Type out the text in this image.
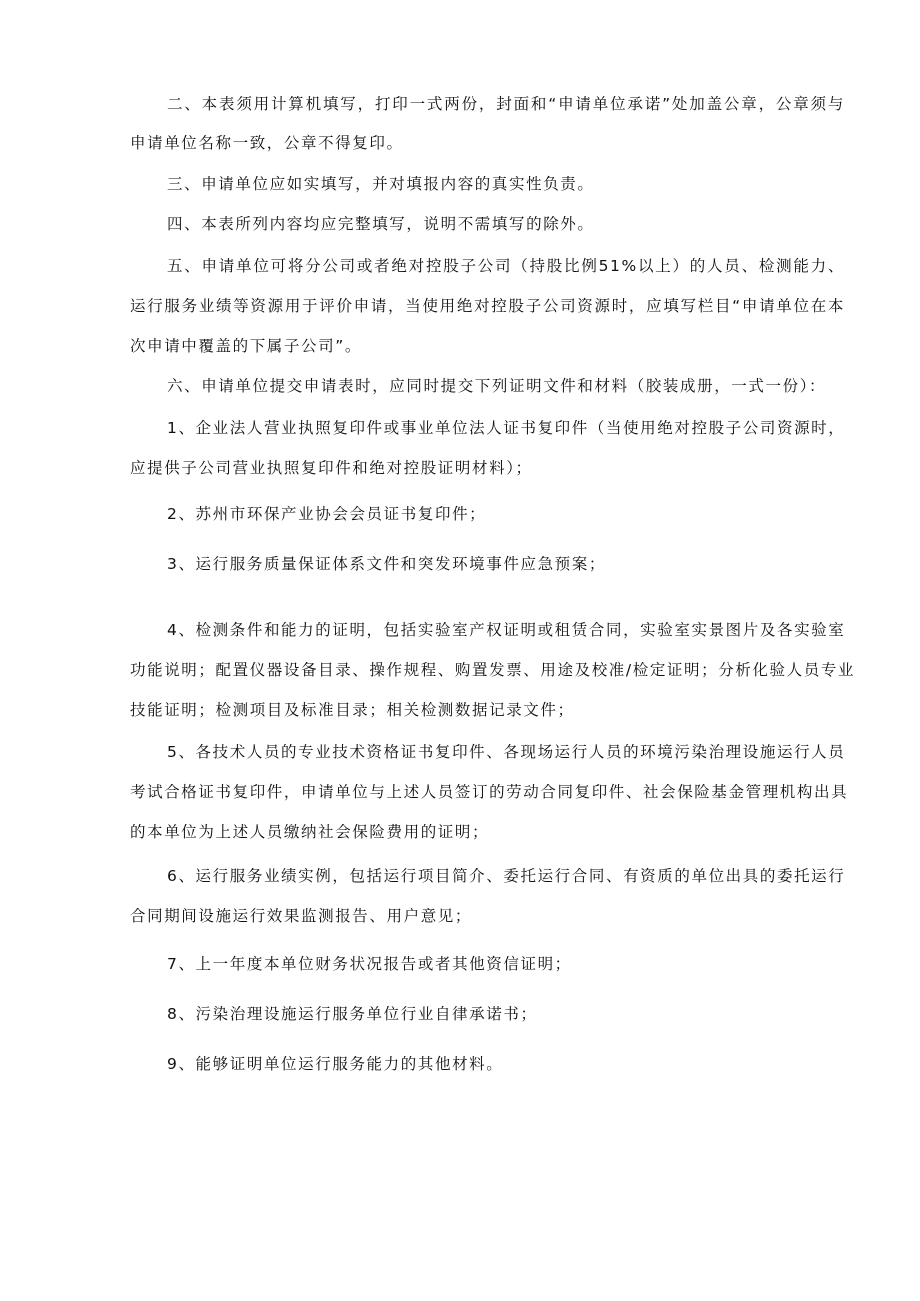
二、本表须用计算机填写，打印一式两份，封面和“申请单位承诺”处加盖公章，公章须与
申请单位名称一致，公章不得复印。
三、申请单位应如实填写，并对填报内容的真实性负责。
四、本表所列内容均应完整填写，说明不需填写的除外。
五、申请单位可将分公司或者绝对控股子公司（持股比例51%以上）的人员、检测能力、
运行服务业绩等资源用于评价申请，当使用绝对控股子公司资源时，应填写栏目“申请单位在本
次申请中覆盖的下属子公司”。
六、申请单位提交申请表时，应同时提交下列证明文件和材料（胶装成册，一式一份）：
1、企业法人营业执照复印件或事业单位法人证书复印件（当使用绝对控股子公司资源时，
应提供子公司营业执照复印件和绝对控股证明材料）；
2、苏州市环保产业协会会员证书复印件；
3、运行服务质量保证体系文件和突发环境事件应急预案；
4、检测条件和能力的证明，包括实验室产权证明或租赁合同，实验室实景图片及各实验室
功能说明；配置仪器设备目录、操作规程、购置发票、用途及校准/检定证明；分析化验人员专业
技能证明；检测项目及标准目录；相关检测数据记录文件；
5、各技术人员的专业技术资格证书复印件、各现场运行人员的环境污染治理设施运行人员
考试合格证书复印件，申请单位与上述人员签订的劳动合同复印件、社会保险基金管理机构出具
的本单位为上述人员缴纳社会保险费用的证明；
6、运行服务业绩实例，包括运行项目简介、委托运行合同、有资质的单位出具的委托运行
合同期间设施运行效果监测报告、用户意见；
7、上一年度本单位财务状况报告或者其他资信证明；
8、污染治理设施运行服务单位行业自律承诺书；
9、能够证明单位运行服务能力的其他材料。
